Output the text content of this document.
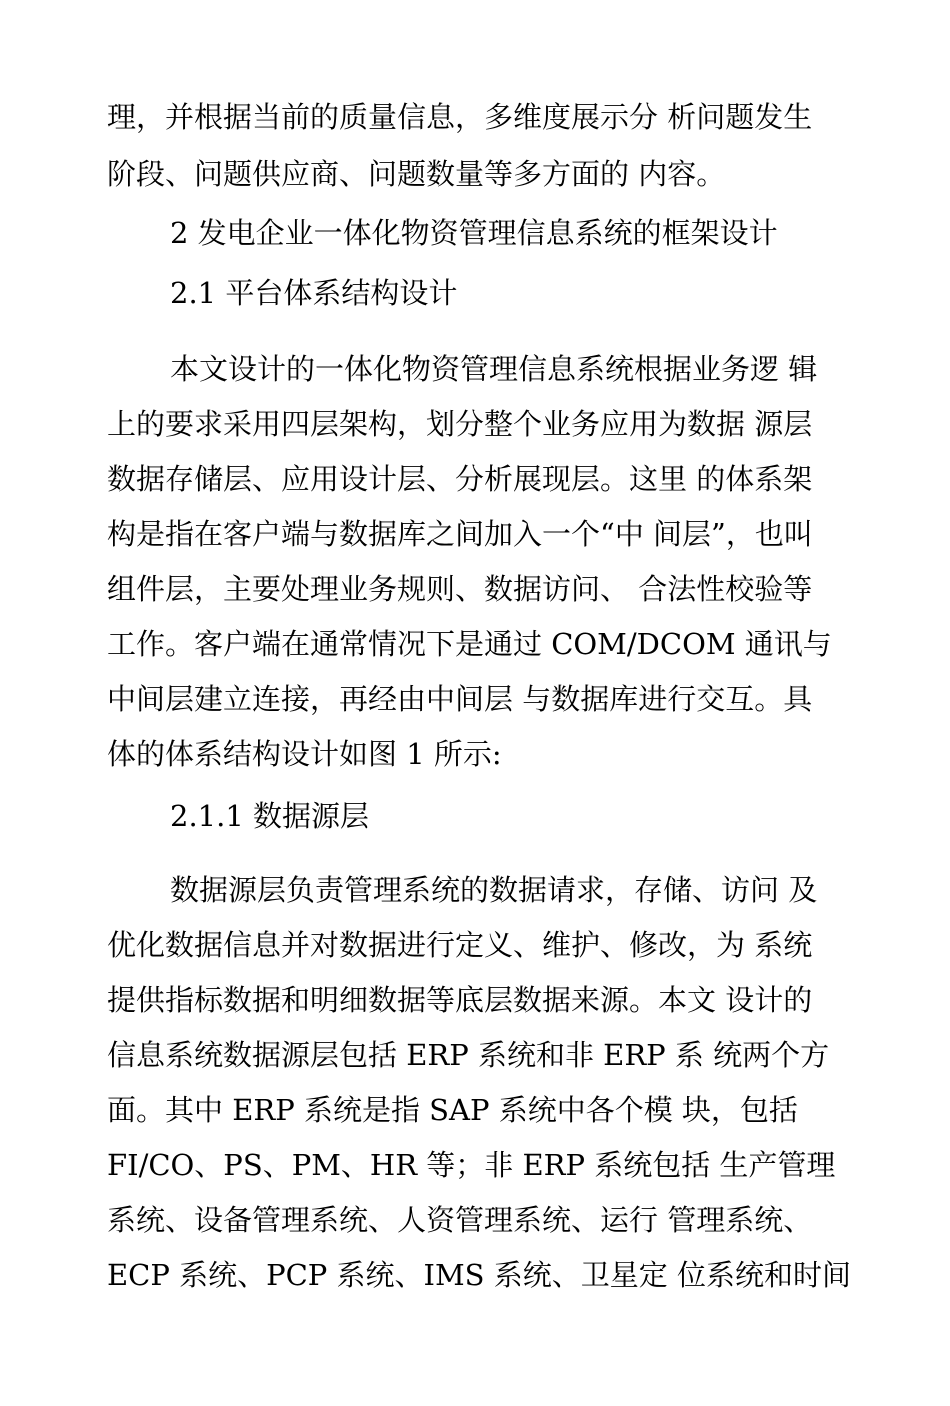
理，并根据当前的质量信息，多维度展示分 析问题发生
阶段、问题供应商、问题数量等多方面的 内容。
2 发电企业一体化物资管理信息系统的框架设计
2.1 平台体系结构设计
本文设计的一体化物资管理信息系统根据业务逻 辑
上的要求采用四层架构，划分整个业务应用为数据 源层
数据存储层、应用设计层、分析展现层。这里 的体系架
构是指在客户端与数据库之间加入一个“中 间层”，也叫
组件层，主要处理业务规则、数据访问、 合法性校验等
工作。客户端在通常情况下是通过 COM/DCOM 通讯与
中间层建立连接，再经由中间层 与数据库进行交互。具
体的体系结构设计如图 1 所示:
2.1.1 数据源层
数据源层负责管理系统的数据请求，存储、访问 及
优化数据信息并对数据进行定义、维护、修改，为 系统
提供指标数据和明细数据等底层数据来源。本文 设计的
信息系统数据源层包括 ERP 系统和非 ERP 系 统两个方
面。其中 ERP 系统是指 SAP 系统中各个模 块，包括
FI/CO、PS、PM、HR 等；非 ERP 系统包括 生产管理
系统、设备管理系统、人资管理系统、运行 管理系统、
ECP 系统、PCP 系统、IMS 系统、卫星定 位系统和时间
